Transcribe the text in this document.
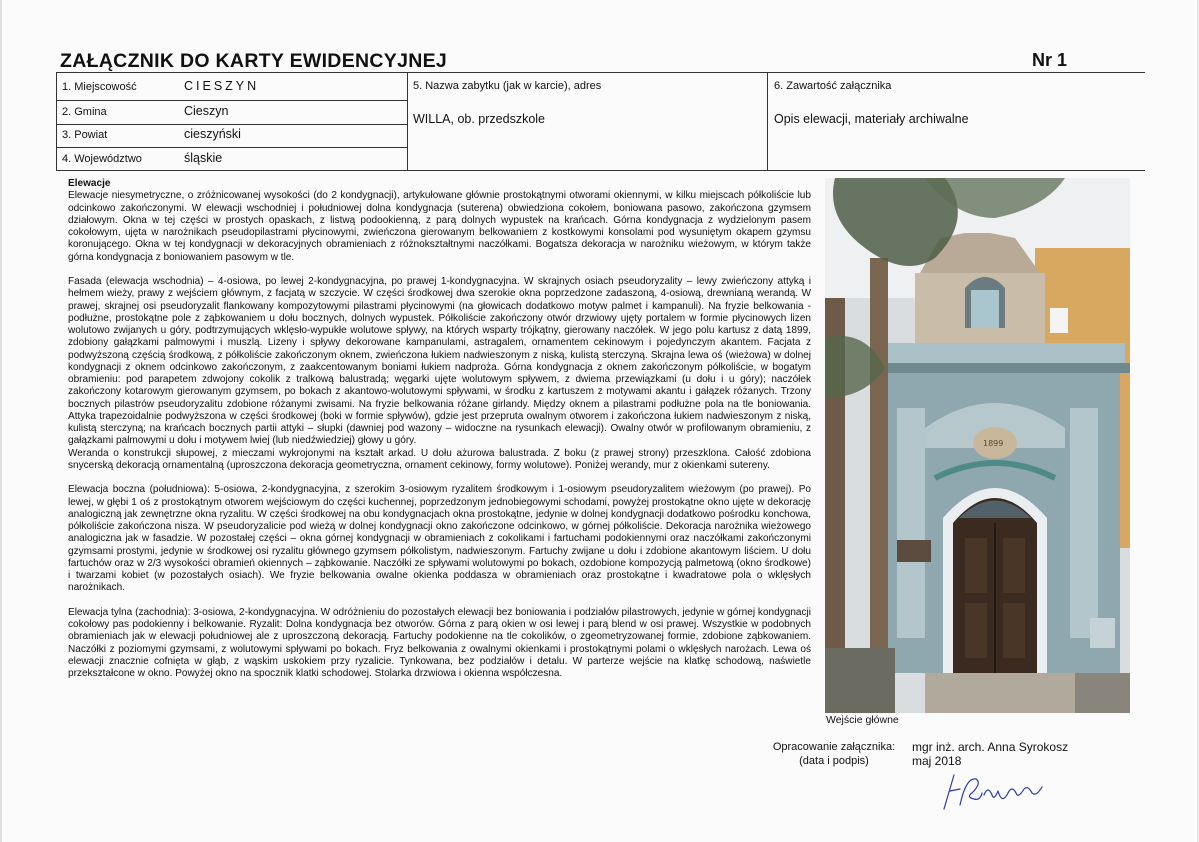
ZAŁĄCZNIK DO KARTY EWIDENCYJNEJ	Nr 1
1. Miejscowość	CIESZYN
2. Gmina	Cieszyn
3. Powiat	cieszyński
4. Województwo	śląskie
5. Nazwa zabytku (jak w karcie), adres
WILLA, ob. przedszkole
6. Zawartość załącznika
Opis elewacji, materiały archiwalne
Elewacje

Elewacje niesymetryczne, o zróżnicowanej wysokości (do 2 kondygnacji), artykułowane głównie prostokątnymi otworami okiennymi, w kilku miejscach półkoliście lub odcinkowo zakończonymi. W elewacji wschodniej i południowej dolna kondygnacja (suterena) obwiedziona cokołem, boniowana pasowo, zakończona gzymsem działowym. Okna w tej części w prostych opaskach, z listwą podookienną, z parą dolnych wypustek na krańcach. Górna kondygnacja z wydzielonym pasem cokołowym, ujęta w narożnikach pseudopilastrami płycinowymi, zwieńczona gierowanym belkowaniem z kostkowymi konsolami pod wysuniętym okapem gzymsu koronującego. Okna w tej kondygnacji w dekoracyjnych obramieniach z różnokształtnymi naczółkami. Bogatsza dekoracja w narożniku wieżowym, w którym także górna kondygnacja z boniowaniem pasowym w tle.

Fasada (elewacja wschodnia) – 4-osiowa, po lewej 2-kondygnacyjna, po prawej 1-kondygnacyjna. W skrajnych osiach pseudoryzality – lewy zwieńczony attyką i hełmem wieży, prawy z wejściem głównym, z facjatą w szczycie. W części środkowej dwa szerokie okna poprzedzone zadaszoną, 4-osiową, drewnianą werandą. W prawej, skrajnej osi pseudoryzalit flankowany kompozytowymi pilastrami płycinowymi (na głowicach dodatkowo motyw palmet i kampanuli). Na fryzie belkowania - podłużne, prostokątne pole z ząbkowaniem u dołu bocznych, dolnych wypustek. Półkoliście zakończony otwór drzwiowy ujęty portalem w formie płycinowych lizen wolutowo zwijanych u góry, podtrzymujących wklęsło-wypukłe wolutowe spływy, na których wsparty trójkątny, gierowany naczółek. W jego polu kartusz z datą 1899, zdobiony gałązkami palmowymi i muszlą. Lizeny i spływy dekorowane kampanulami, astragalem, ornamentem cekinowym i pojedynczym akantem. Facjata z podwyższoną częścią środkową, z półkoliście zakończonym oknem, zwieńczona łukiem nadwieszonym z niską, kulistą sterczyną. Skrajna lewa oś (wieżowa) w dolnej kondygnacji z oknem odcinkowo zakończonym, z zaakcentowanym boniami łukiem nadproża. Górna kondygnacja z oknem zakończonym półkoliście, w bogatym obramieniu: pod parapetem zdwojony cokolik z tralkową balustradą; węgarki ujęte wolutowym spływem, z dwiema przewiązkami (u dołu i u góry); naczółek zakończony kotarowym gierowanym gzymsem, po bokach z akantowo-wolutowymi spływami, w środku z kartuszem z motywami akantu i gałązek różanych. Trzony bocznych pilastrów pseudoryzalitu zdobione różanymi zwisami. Na fryzie belkowania różane girlandy. Między oknem a pilastrami podłużne pola na tle boniowania. Attyka trapezoidalnie podwyższona w części środkowej (boki w formie spływów), gdzie jest przepruta owalnym otworem i zakończona łukiem nadwieszonym z niską, kulistą sterczyną; na krańcach bocznych partii attyki – słupki (dawniej pod wazony – widoczne na rysunkach elewacji). Owalny otwór w profilowanym obramieniu, z gałązkami palmowymi u dołu i motywem lwiej (lub niedźwiedziej) głowy u góry.

Weranda o konstrukcji słupowej, z mieczami wykrojonymi na kształt arkad. U dołu ażurowa balustrada. Z boku (z prawej strony) przeszklona. Całość zdobiona snycerską dekoracją ornamentalną (uproszczona dekoracja geometryczna, ornament cekinowy, formy wolutowe). Poniżej werandy, mur z okienkami sutereny.

Elewacja boczna (południowa): 5-osiowa, 2-kondygnacyjna, z szerokim 3-osiowym ryzalitem środkowym i 1-osiowym pseudoryzalitem wieżowym (po prawej). Po lewej, w głębi 1 oś z prostokątnym otworem wejściowym do części kuchennej, poprzedzonym jednobiegowymi schodami, powyżej prostokątne okno ujęte w dekorację analogiczną jak zewnętrzne okna ryzalitu. W części środkowej na obu kondygnacjach okna prostokątne, jedynie w dolnej kondygnacji dodatkowo pośrodku konchowa, półkoliście zakończona nisza. W pseudoryzalicie pod wieżą w dolnej kondygnacji okno zakończone odcinkowo, w górnej półkoliście. Dekoracja narożnika wieżowego analogiczna jak w fasadzie. W pozostałej części – okna górnej kondygnacji w obramieniach z cokolikami i fartuchami podokiennymi oraz naczółkami zakończonymi gzymsami prostymi, jedynie w środkowej osi ryzalitu głównego gzymsem półkolistym, nadwieszonym. Fartuchy zwijane u dołu i zdobione akantowym liściem. U dołu fartuchów oraz w 2/3 wysokości obramień okiennych – ząbkowanie. Naczółki ze spływami wolutowymi po bokach, ozdobione kompozycją palmetową (okno środkowe) i twarzami kobiet (w pozostałych osiach). We fryzie belkowania owalne okienka poddasza w obramieniach oraz prostokątne i kwadratowe pola o wklęsłych narożnikach.

Elewacja tylna (zachodnia): 3-osiowa, 2-kondygnacyjna. W odróżnieniu do pozostałych elewacji bez boniowania i podziałów pilastrowych, jedynie w górnej kondygnacji cokołowy pas podokienny i belkowanie. Ryzalit: Dolna kondygnacja bez otworów. Górna z parą okien w osi lewej i parą blend w osi prawej. Wszystkie w podobnych obramieniach jak w elewacji południowej ale z uproszczoną dekoracją. Fartuchy podokienne na tle cokolików, o zgeometryzowanej formie, zdobione ząbkowaniem. Naczółki z poziomymi gzymsami, z wolutowymi spływami po bokach. Fryz belkowania z owalnymi okienkami i prostokątnymi polami o wklęsłych narożach. Lewa oś elewacji znacznie cofnięta w głąb, z wąskim uskokiem przy ryzalicie. Tynkowana, bez podziałów i detalu. W parterze wejście na klatkę schodową, naświetle przekształcone w okno. Powyżej okno na spocznik klatki schodowej. Stolarka drzwiowa i okienna współczesna.

1899
Wejście główne
Opracowanie załącznika:
(data i podpis)
mgr inż. arch. Anna Syrokosz
maj 2018
